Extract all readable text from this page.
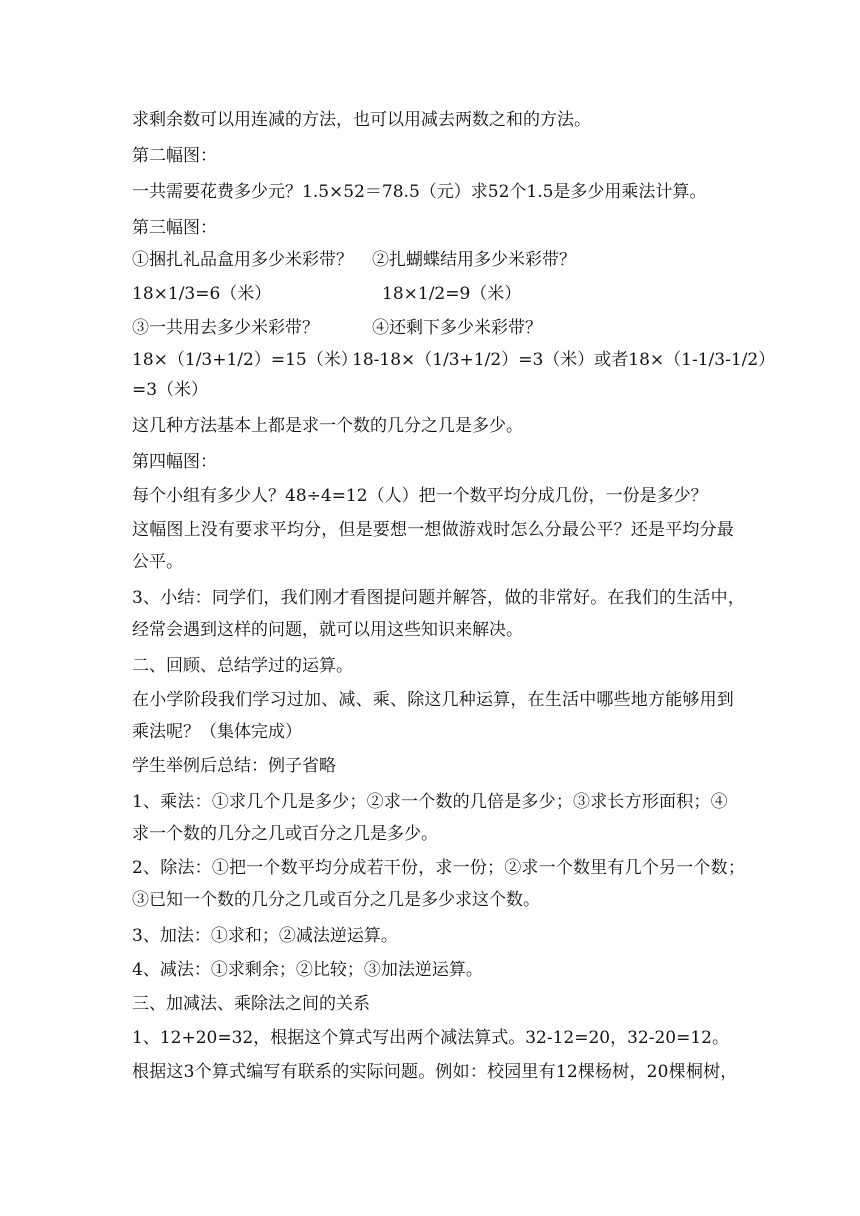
求剩余数可以用连减的方法，也可以用减去两数之和的方法。
第二幅图：
一共需要花费多少元？1.5×52＝78.5（元）求52个1.5是多少用乘法计算。
第三幅图：
①捆扎礼品盒用多少米彩带？ ②扎蝴蝶结用多少米彩带？
18×1/3=6（米）	18×1/2=9（米）
③一共用去多少米彩带？	④还剩下多少米彩带？
18×（1/3+1/2）=15（米）
18-18×（1/3+1/2）=3（米）或者18×（1-1/3-1/2）
=3（米）
这几种方法基本上都是求一个数的几分之几是多少。
第四幅图：
每个小组有多少人？48÷4=12（人）把一个数平均分成几份，一份是多少？
这幅图上没有要求平均分，但是要想一想做游戏时怎么分最公平？还是平均分最
公平。
3、小结：同学们，我们刚才看图提问题并解答，做的非常好。在我们的生活中，
经常会遇到这样的问题，就可以用这些知识来解决。
二、回顾、总结学过的运算。
在小学阶段我们学习过加、减、乘、除这几种运算，在生活中哪些地方能够用到
乘法呢？（集体完成）
学生举例后总结：例子省略
1、乘法：①求几个几是多少；②求一个数的几倍是多少；③求长方形面积；④
求一个数的几分之几或百分之几是多少。
2、除法：①把一个数平均分成若干份，求一份；②求一个数里有几个另一个数；
③已知一个数的几分之几或百分之几是多少求这个数。
3、加法：①求和；②减法逆运算。
4、减法：①求剩余；②比较；③加法逆运算。
三、加减法、乘除法之间的关系
1、12+20=32，根据这个算式写出两个减法算式。32-12=20，32-20=12。
根据这3个算式编写有联系的实际问题。例如：校园里有12棵杨树，20棵桐树，
